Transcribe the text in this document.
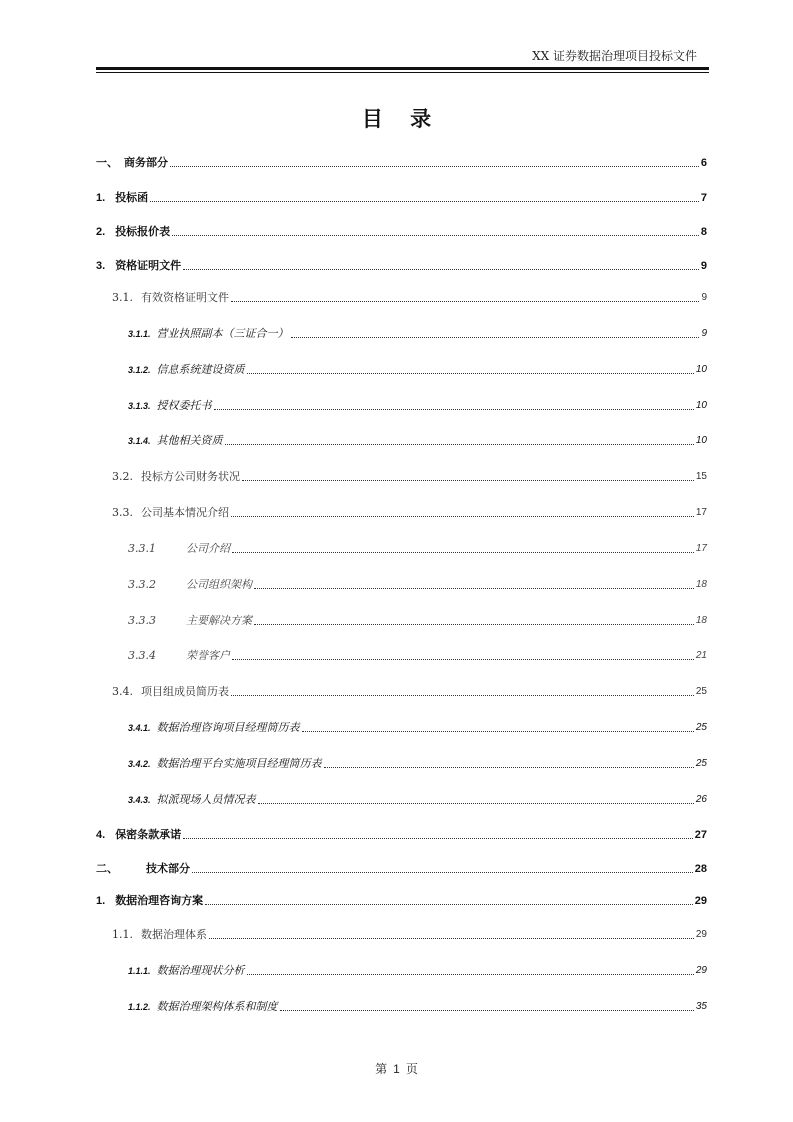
XX 证券数据治理项目投标文件
目 录
一、 商务部分	6
1. 投标函	7
2. 投标报价表	8
3. 资格证明文件	9
3.1. 有效资格证明文件	9
3.1.1. 营业执照副本（三证合一）	9
3.1.2. 信息系统建设资质	10
3.1.3. 授权委托书	10
3.1.4. 其他相关资质	10
3.2. 投标方公司财务状况	15
3.3. 公司基本情况介绍	17
3.3.1	公司介绍	17
3.3.2	公司组织架构	18
3.3.3	主要解决方案	18
3.3.4	荣誉客户	21
3.4. 项目组成员简历表	25
3.4.1. 数据治理咨询项目经理简历表	25
3.4.2. 数据治理平台实施项目经理简历表	25
3.4.3. 拟派现场人员情况表	26
4. 保密条款承诺	27
二、	技术部分	28
1. 数据治理咨询方案	29
1.1. 数据治理体系	29
1.1.1. 数据治理现状分析	29
1.1.2. 数据治理架构体系和制度	35
第 1 页
